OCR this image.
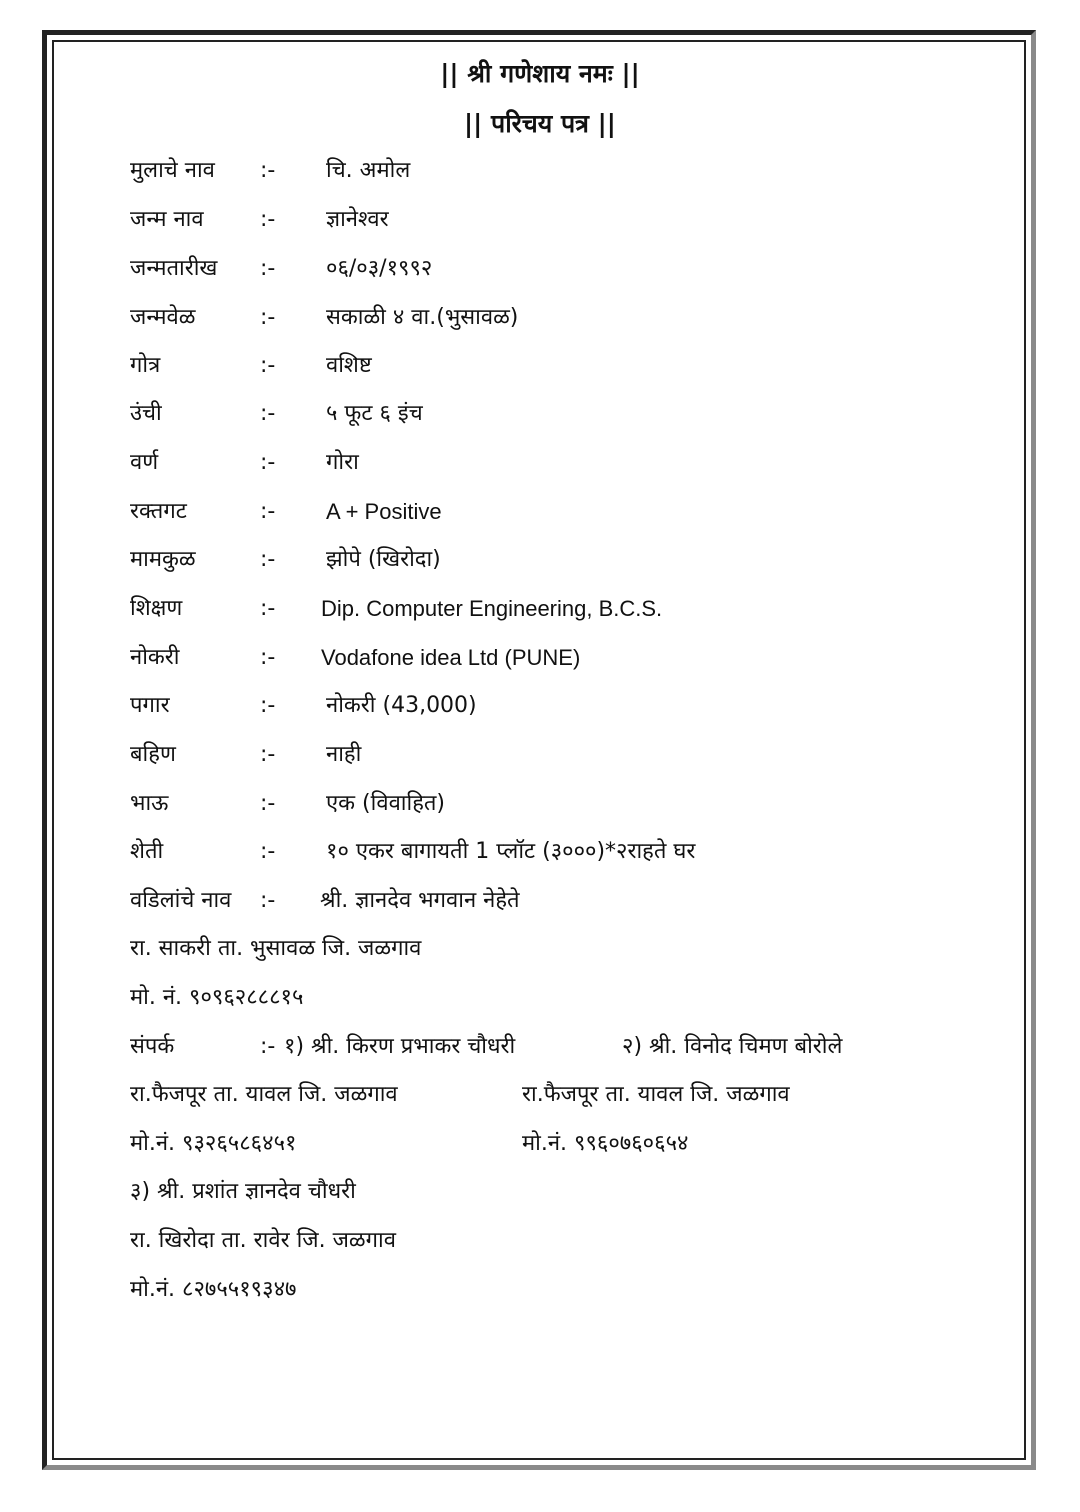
|| श्री गणेशाय नमः ||
|| परिचय पत्र ||
मुलाचे नाव :- चि. अमोल
जन्म नाव	:- ज्ञानेश्वर
जन्मतारीख :- ०६/०३/१९९२
जन्मवेळ	:- सकाळी ४ वा.(भुसावळ)
गोत्र	:- वशिष्ट
उंची	:- ५ फूट ६ इंच
वर्ण	:- गोरा
रक्तगट	:- A + Positive
मामकुळ	:- झोपे (खिरोदा)
शिक्षण	:- Dip. Computer Engineering, B.C.S.
नोकरी	:- Vodafone idea Ltd (PUNE)
पगार	:- नोकरी (43,000)
बहिण	:- नाही
भाऊ	:- एक (विवाहित)
शेती	:- १० एकर बागायती 1 प्लॉट (३०००)*२राहते घर
वडिलांचे नाव :- श्री. ज्ञानदेव भगवान नेहेते
रा. साकरी ता. भुसावळ जि. जळगाव
मो. नं. ९०९६२८८८१५
संपर्क	:- १) श्री. किरण प्रभाकर चौधरी	२) श्री. विनोद चिमण बोरोले
रा.फैजपूर ता. यावल जि. जळगाव	रा.फैजपूर ता. यावल जि. जळगाव
मो.नं. ९३२६५८६४५१	मो.नं. ९९६०७६०६५४
३) श्री. प्रशांत ज्ञानदेव चौधरी
रा. खिरोदा ता. रावेर जि. जळगाव
मो.नं. ८२७५५१९३४७
